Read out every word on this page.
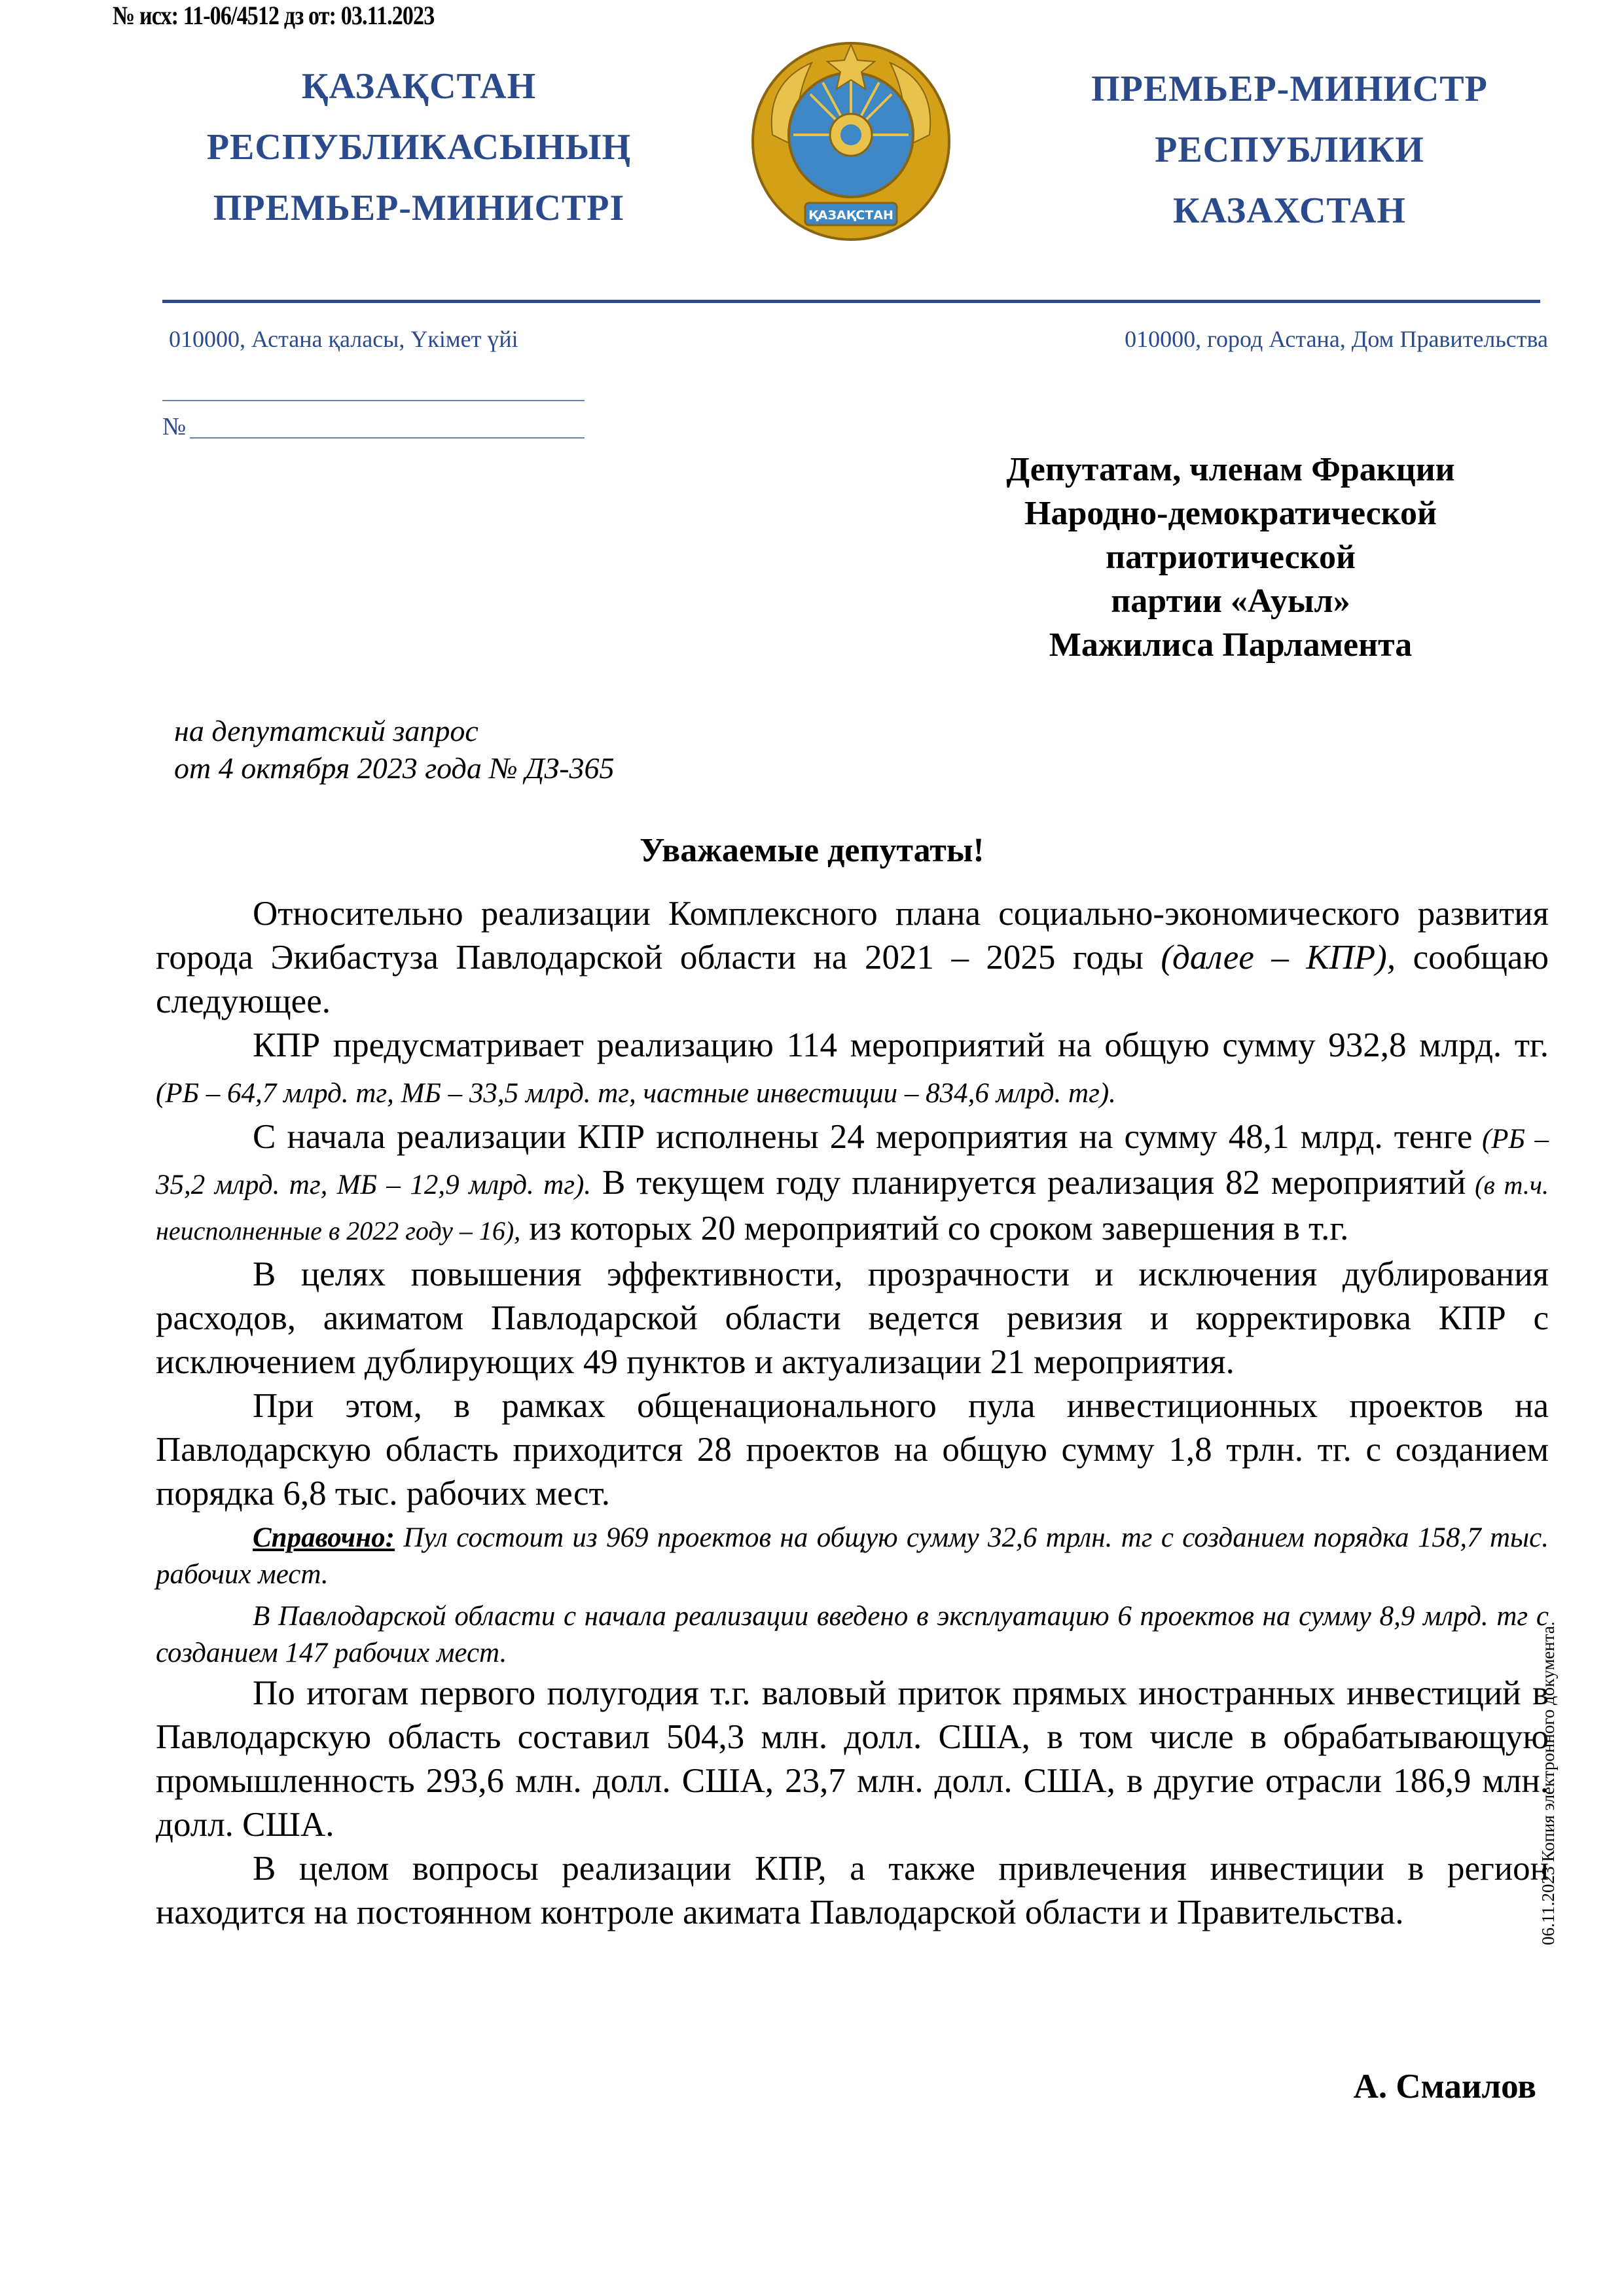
№ исх: 11-06/4512 дз от: 03.11.2023
ҚАЗАҚСТАН
РЕСПУБЛИКАСЫНЫҢ
ПРЕМЬЕР-МИНИСТРІ	ҚАЗАҚСТАН
ПРЕМЬЕР-МИНИСТР
РЕСПУБЛИКИ
КАЗАХСТАН
010000, Астана қаласы, Үкімет үйі	010000, город Астана, Дом Правительства
№
Депутатам, членам Фракции
Народно-демократической
патриотической
партии «Ауыл»
Мажилиса Парламента
на депутатский запрос
от 4 октября 2023 года № ДЗ-365
Уважаемые депутаты!

Относительно реализации Комплексного плана социально-экономического развития города Экибастуза Павлодарской области на 2021 – 2025 годы (далее – КПР), сообщаю следующее.

КПР предусматривает реализацию 114 мероприятий на общую сумму 932,8 млрд. тг. (РБ – 64,7 млрд. тг, МБ – 33,5 млрд. тг, частные инвестиции – 834,6 млрд. тг).

С начала реализации КПР исполнены 24 мероприятия на сумму 48,1 млрд. тенге (РБ – 35,2 млрд. тг, МБ – 12,9 млрд. тг). В текущем году планируется реализация 82 мероприятий (в т.ч. неисполненные в 2022 году – 16), из которых 20 мероприятий со сроком завершения в т.г.

В целях повышения эффективности, прозрачности и исключения дублирования расходов, акиматом Павлодарской области ведется ревизия и корректировка КПР с исключением дублирующих 49 пунктов и актуализации 21 мероприятия.

При этом, в рамках общенационального пула инвестиционных проектов на Павлодарскую область приходится 28 проектов на общую сумму 1,8 трлн. тг. с созданием порядка 6,8 тыс. рабочих мест.

Справочно: Пул состоит из 969 проектов на общую сумму 32,6 трлн. тг с созданием порядка 158,7 тыс. рабочих мест.

В Павлодарской области с начала реализации введено в эксплуатацию 6 проектов на сумму 8,9 млрд. тг с созданием 147 рабочих мест.

По итогам первого полугодия т.г. валовый приток прямых иностранных инвестиций в Павлодарскую область составил 504,3 млн. долл. США, в том числе в обрабатывающую промышленность 293,6 млн. долл. США, 23,7 млн. долл. США, в другие отрасли 186,9 млн. долл. США.

В целом вопросы реализации КПР, а также привлечения инвестиции в регион находится на постоянном контроле акимата Павлодарской области и Правительства.

А. Смаилов
06.11.2023 Копия электронного документа.
